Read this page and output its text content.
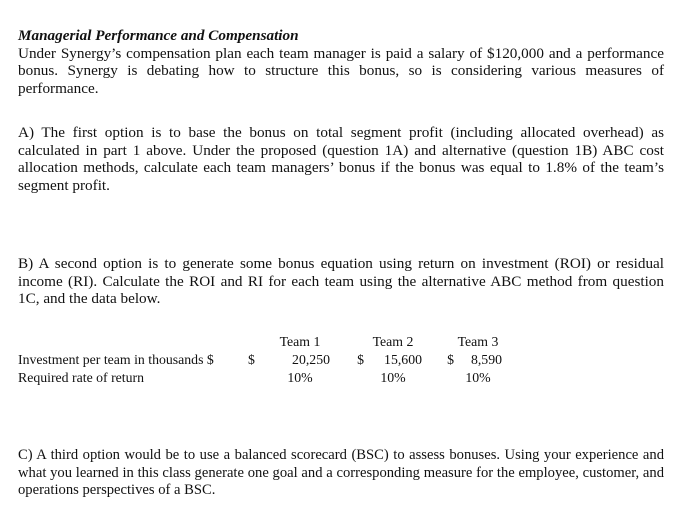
Managerial Performance and Compensation
Under Synergy’s compensation plan each team manager is paid a salary of $120,000 and a performance bonus. Synergy is debating how to structure this bonus, so is considering various measures of performance.

A) The first option is to base the bonus on total segment profit (including allocated overhead) as calculated in part 1 above. Under the proposed (question 1A) and alternative (question 1B) ABC cost allocation methods, calculate each team managers’ bonus if the bonus was equal to 1.8% of the team’s segment profit.

B) A second option is to generate some bonus equation using return on investment (ROI) or residual income (RI). Calculate the ROI and RI for each team using the alternative ABC method from question 1C, and the data below.

		Team 1		Team 2		Team 3
Investment per team in thousands $	$	20,250	$	15,600	$	8,590
Required rate of return		10%		10%		10%

C) A third option would be to use a balanced scorecard (BSC) to assess bonuses. Using your experience and what you learned in this class generate one goal and a corresponding measure for the employee, customer, and operations perspectives of a BSC.
